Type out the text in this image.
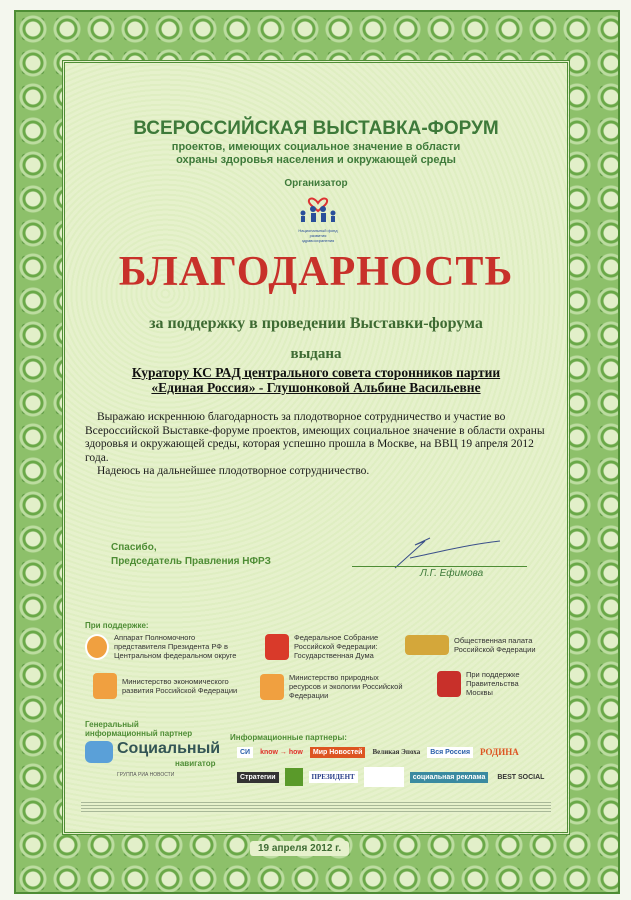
ВСЕРОССИЙСКАЯ ВЫСТАВКА-ФОРУМ
проектов, имеющих социальное значение в области
охраны здоровья населения и окружающей среды
Организатор
Национальный фонд развития здравоохранения
БЛАГОДАРНОСТЬ
за поддержку в проведении Выставки-форума
выдана
Куратору КС РАД центрального совета сторонников партии
«Единая Россия» - Глушонковой Альбине Васильевне

Выражаю искреннюю благодарность за плодотворное сотрудничество и участие во Всероссийской Выставке-форуме проектов, имеющих социальное значение в области охраны здоровья и окружающей среды, которая успешно прошла в Москве, на ВВЦ 19 апреля 2012 года.

Надеюсь на дальнейшее плодотворное сотрудничество.

Спасибо,
Председатель Правления НФРЗ
Л.Г. Ефимова
При поддержке:
Аппарат Полномочного представителя Президента РФ в Центральном федеральном округе
Федеральное Собрание Российской Федерации: Государственная Дума
Общественная палата Российской Федерации
Министерство экономического развития Российской Федерации
Министерство природных ресурсов и экологии Российской Федерации
При поддержке Правительства Москвы
Генеральный информационный партнер
Социальный
навигатор
ГРУППА РИА НОВОСТИ
Информационные партнеры:
СИ	know → how	Мир Новостей	Великая Эпоха	Вся Россия	РОДИНА
Стратегии	ПРЕЗИДЕНТ	социальная реклама	BEST SOCIAL
19 апреля 2012 г.
